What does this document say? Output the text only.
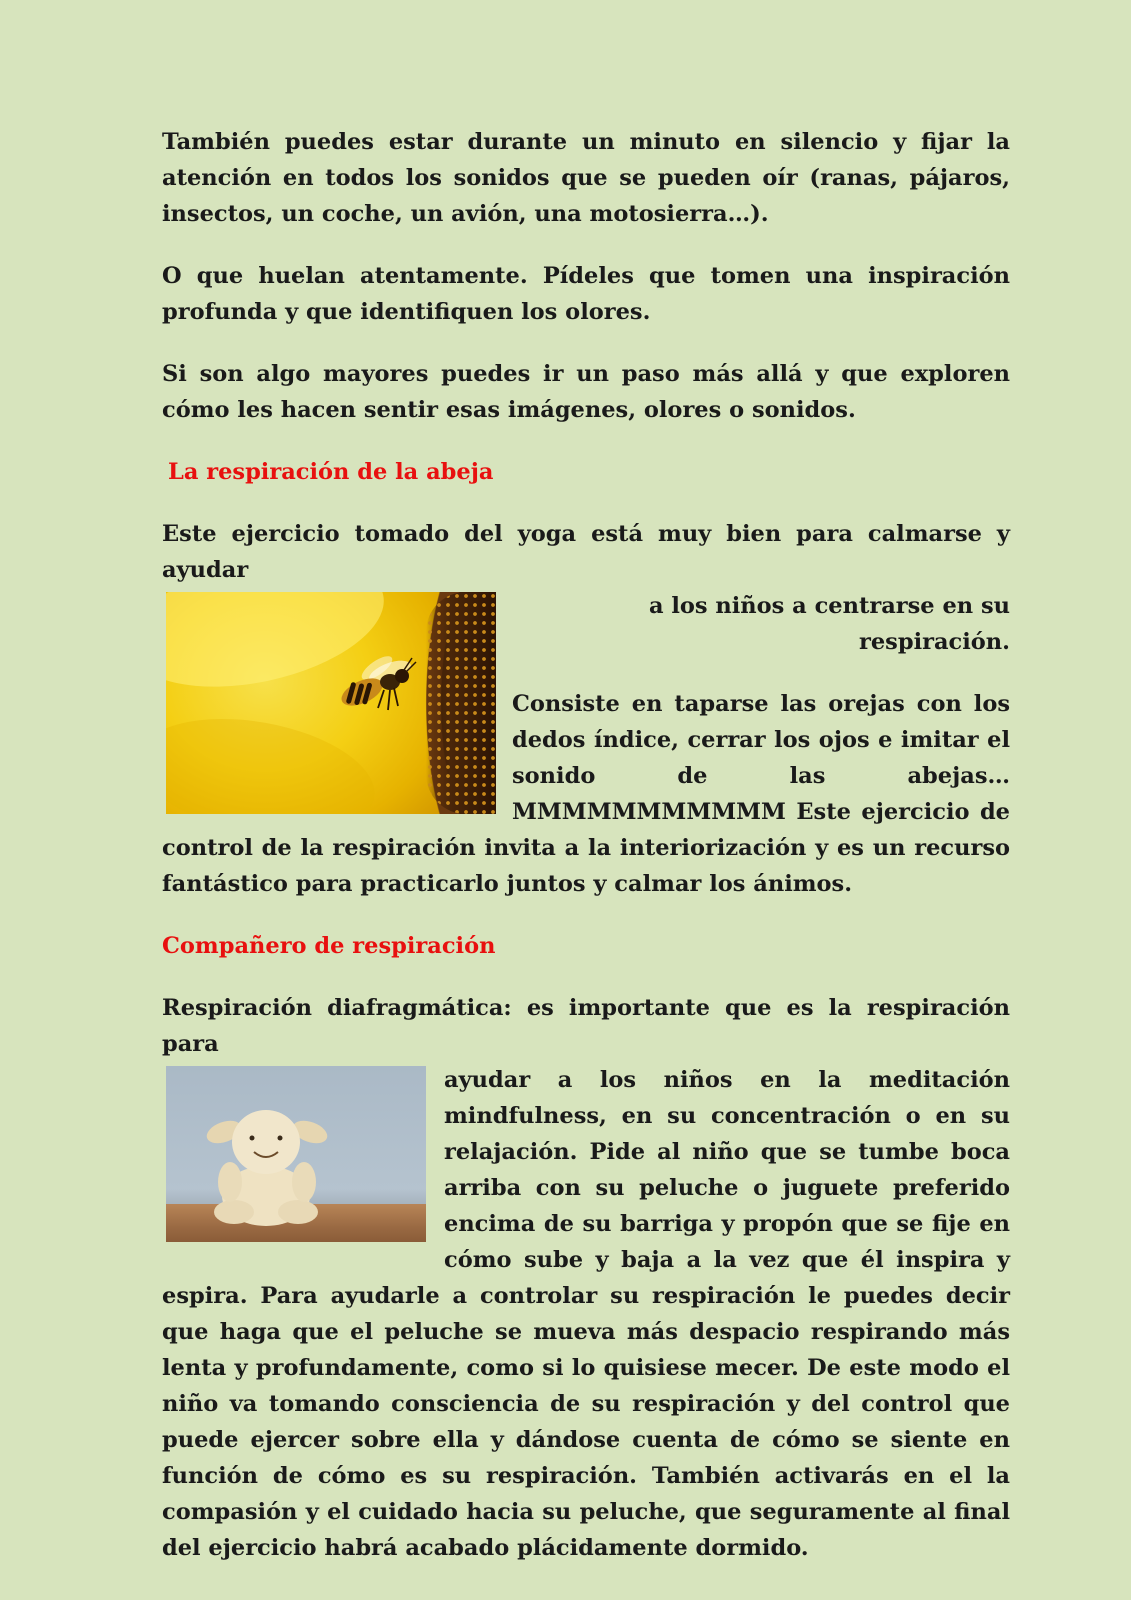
También puedes estar durante un minuto en silencio y fijar la atención en todos los sonidos que se pueden oír (ranas, pájaros, insectos, un coche, un avión, una motosierra…).

O que huelan atentamente. Pídeles que tomen una inspiración profunda y que identifiquen los olores.

Si son algo mayores puedes ir un paso más allá y que exploren cómo les hacen sentir esas imágenes, olores o sonidos.

La respiración de la abeja

Este ejercicio tomado del yoga está muy bien para calmarse y ayudar

a los niños a centrarse en su respiración.

Consiste en taparse las orejas con los dedos índice, cerrar los ojos e imitar el sonido de las abejas… MMMMMMMMMMM Este ejercicio de control de la respiración invita a la interiorización y es un recurso fantástico para practicarlo juntos y calmar los ánimos.

Compañero de respiración

Respiración diafragmática: es importante que es la respiración para

ayudar a los niños en la meditación mindfulness, en su concentración o en su relajación. Pide al niño que se tumbe boca arriba con su peluche o juguete preferido encima de su barriga y propón que se fije en cómo sube y baja a la vez que él inspira y espira. Para ayudarle a controlar su respiración le puedes decir que haga que el peluche se mueva más despacio respirando más lenta y profundamente, como si lo quisiese mecer. De este modo el niño va tomando consciencia de su respiración y del control que puede ejercer sobre ella y dándose cuenta de cómo se siente en función de cómo es su respiración. También activarás en el la compasión y el cuidado hacia su peluche, que seguramente al final del ejercicio habrá acabado plácidamente dormido.
